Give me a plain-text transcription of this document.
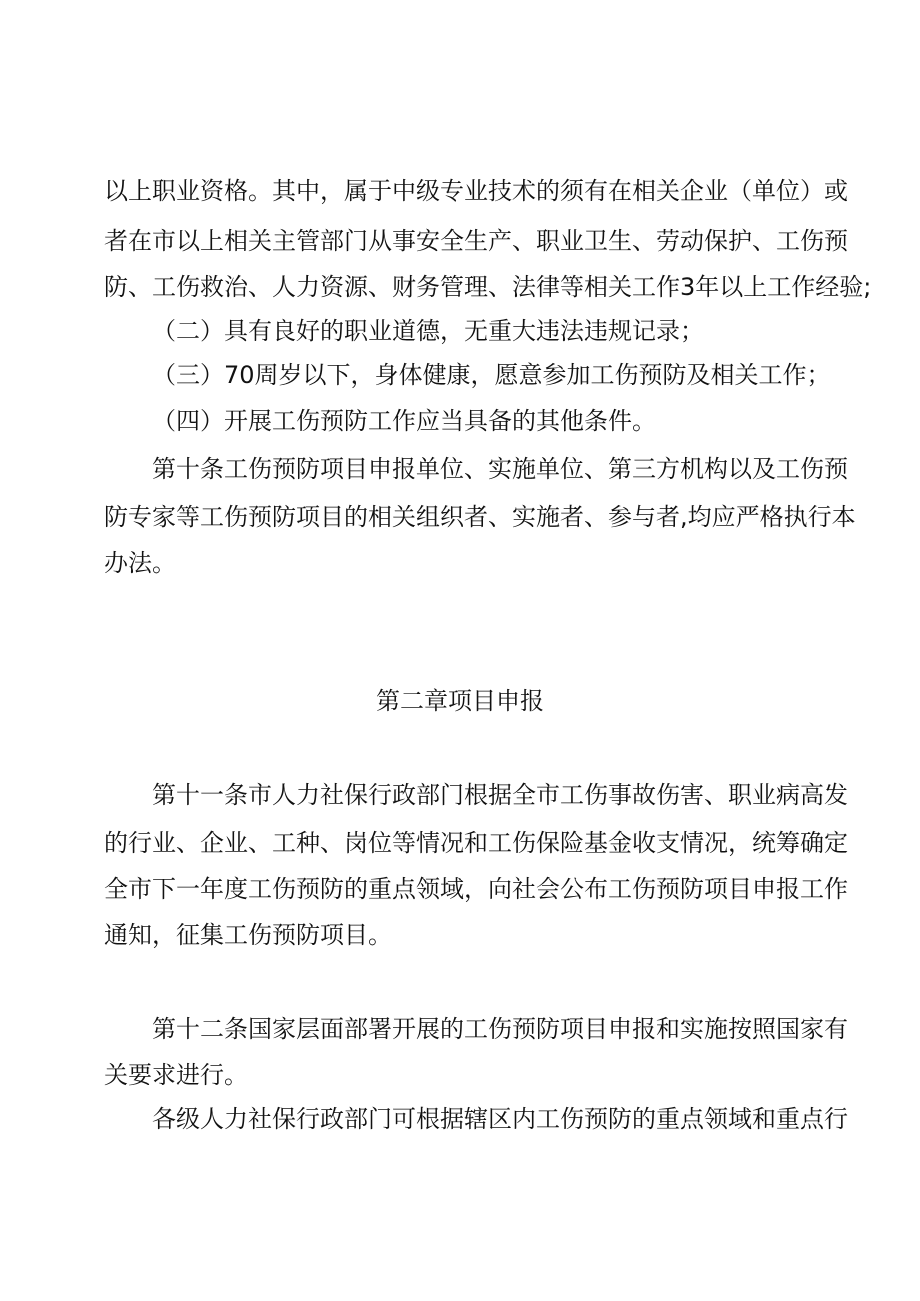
以上职业资格。其中，属于中级专业技术的须有在相关企业（单位）或
者在市以上相关主管部门从事安全生产、职业卫生、劳动保护、工伤预
防、工伤救治、人力资源、财务管理、法律等相关工作3年以上工作经验;
（二）具有良好的职业道德，无重大违法违规记录；
（三）70周岁以下，身体健康，愿意参加工伤预防及相关工作；
（四）开展工伤预防工作应当具备的其他条件。
第十条工伤预防项目申报单位、实施单位、第三方机构以及工伤预
防专家等工伤预防项目的相关组织者、实施者、参与者,均应严格执行本
办法。
第二章项目申报
第十一条市人力社保行政部门根据全市工伤事故伤害、职业病高发
的行业、企业、工种、岗位等情况和工伤保险基金收支情况，统筹确定
全市下一年度工伤预防的重点领域，向社会公布工伤预防项目申报工作
通知，征集工伤预防项目。
第十二条国家层面部署开展的工伤预防项目申报和实施按照国家有
关要求进行。
各级人力社保行政部门可根据辖区内工伤预防的重点领域和重点行
